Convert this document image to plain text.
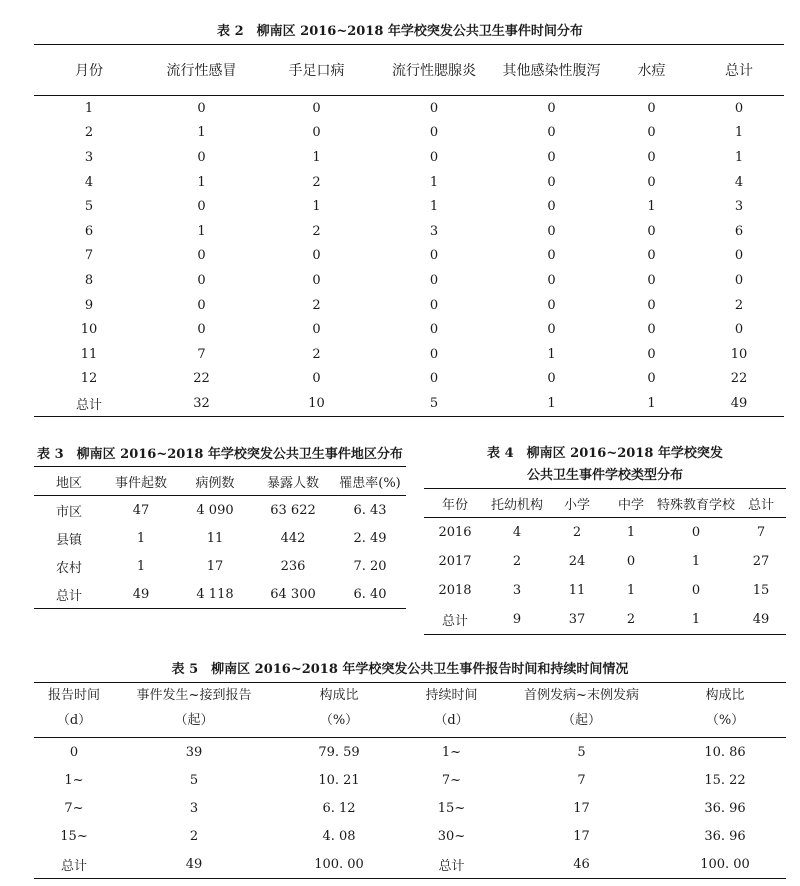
表 2　柳南区 2016~2018 年学校突发公共卫生事件时间分布
月份	流行性感冒	手足口病	流行性腮腺炎	其他感染性腹泻	水痘	总计
1	0	0	0	0	0	0
2	1	0	0	0	0	1
3	0	1	0	0	0	1
4	1	2	1	0	0	4
5	0	1	1	0	1	3
6	1	2	3	0	0	6
7	0	0	0	0	0	0
8	0	0	0	0	0	0
9	0	2	0	0	0	2
10	0	0	0	0	0	0
11	7	2	0	1	0	10
12	22	0	0	0	0	22
总计	32	10	5	1	1	49
表 3　柳南区 2016~2018 年学校突发公共卫生事件地区分布
地区	事件起数	病例数	暴露人数	罹患率(%)
市区	47	4 090	63 622	6. 43
县镇	1	11	442	2. 49
农村	1	17	236	7. 20
总计	49	4 118	64 300	6. 40
表 4　柳南区 2016~2018 年学校突发
公共卫生事件学校类型分布
年份	托幼机构	小学	中学	特殊教育学校	总计
2016	4	2	1	0	7
2017	2	24	0	1	27
2018	3	11	1	0	15
总计	9	37	2	1	49
表 5　柳南区 2016~2018 年学校突发公共卫生事件报告时间和持续时间情况
报告时间	事件发生~接到报告	构成比	持续时间	首例发病~末例发病	构成比
（d）	（起）	（%）	（d）	（起）	（%）
0	39	79. 59	1~	5	10. 86
1~	5	10. 21	7~	7	15. 22
7~	3	6. 12	15~	17	36. 96
15~	2	4. 08	30~	17	36. 96
总计	49	100. 00	总计	46	100. 00
